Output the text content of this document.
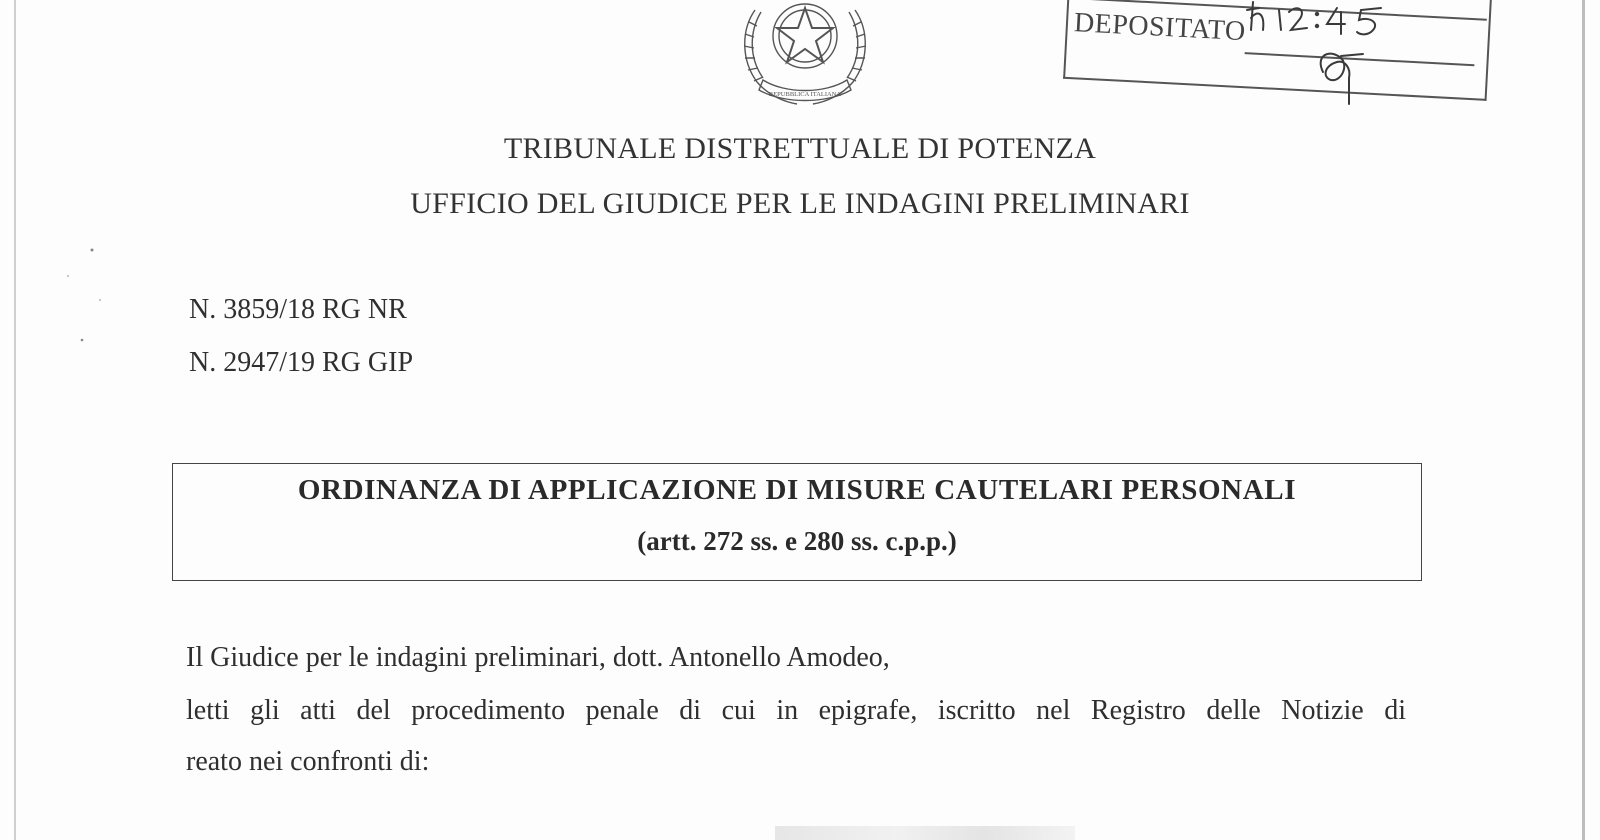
REPUBBLICA ITALIANA
DEPOSITATO
TRIBUNALE DISTRETTUALE DI POTENZA
UFFICIO DEL GIUDICE PER LE INDAGINI PRELIMINARI
N. 3859/18 RG NR
N. 2947/19 RG GIP
ORDINANZA DI APPLICAZIONE DI MISURE CAUTELARI PERSONALI
(artt. 272 ss. e 280 ss. c.p.p.)
Il Giudice per le indagini preliminari, dott. Antonello Amodeo,
letti gli atti del procedimento penale di cui in epigrafe, iscritto nel Registro delle Notizie di
reato nei confronti di:
